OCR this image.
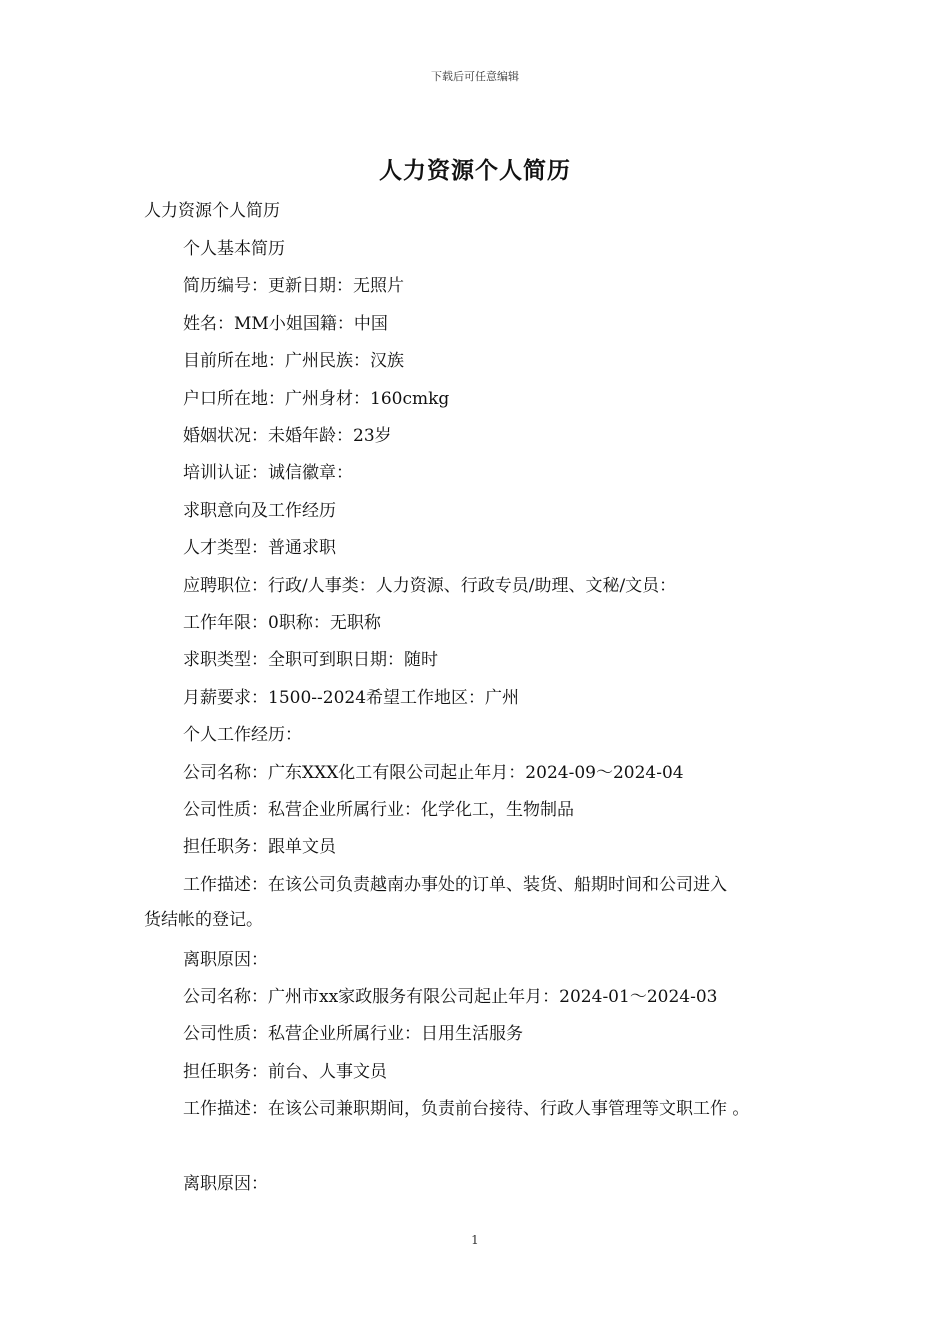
下载后可任意编辑
人力资源个人简历
人力资源个人简历
个人基本简历
简历编号：更新日期：无照片
姓名：MM小姐国籍：中国
目前所在地：广州民族：汉族
户口所在地：广州身材：160cmkg
婚姻状况：未婚年龄：23岁
培训认证：诚信徽章：
求职意向及工作经历
人才类型：普通求职
应聘职位：行政/人事类：人力资源、行政专员/助理、文秘/文员：
工作年限：0职称：无职称
求职类型：全职可到职日期：随时
月薪要求：1500--2024希望工作地区：广州
个人工作经历：
公司名称：广东XXX化工有限公司起止年月：2024-09～2024-04
公司性质：私营企业所属行业：化学化工，生物制品
担任职务：跟单文员
工作描述：在该公司负责越南办事处的订单、装货、船期时间和公司进入
货结帐的登记。
离职原因：
公司名称：广州市xx家政服务有限公司起止年月：2024-01～2024-03
公司性质：私营企业所属行业：日用生活服务
担任职务：前台、人事文员
工作描述：在该公司兼职期间，负责前台接待、行政人事管理等文职工作 。
离职原因：
1
